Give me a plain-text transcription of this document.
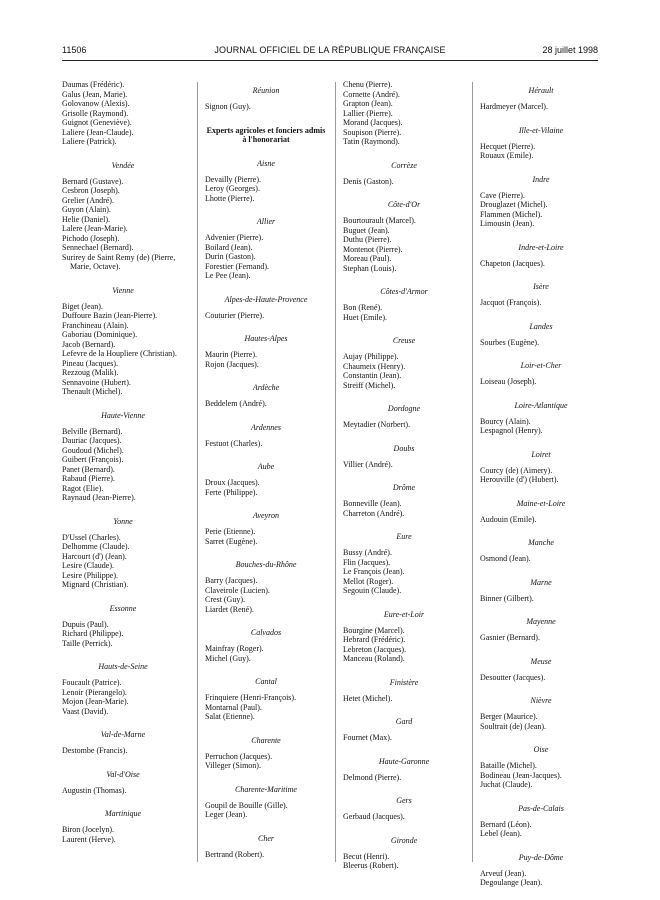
11506	JOURNAL OFFICIEL DE LA RÉPUBLIQUE FRANÇAISE	28 juillet 1998
Daumas (Frédéric).
Galus (Jean, Marie).
Golovanow (Alexis).
Grisolle (Raymond).
Guignot (Geneviève).
Laliere (Jean-Claude).
Laliere (Patrick).
Vendée
Bernard (Gustave).
Cesbron (Joseph).
Grelier (André).
Guyon (Alain).
Helie (Daniel).
Lalere (Jean-Marie).
Pichodo (Joseph).
Sennechael (Bernard).
Surirey de Saint Remy (de) (Pierre, Marie, Octave).
Vienne
Biget (Jean).
Duffoure Bazin (Jean-Pierre).
Franchineau (Alain).
Gaboriau (Dominique).
Jacob (Bernard).
Lefevre de la Houpliere (Christian).
Pineau (Jacques).
Rezzoug (Malik).
Sennavoine (Hubert).
Thenault (Michel).
Haute-Vienne
Belville (Bernard).
Dauriac (Jacques).
Goudoud (Michel).
Guibert (François).
Panet (Bernard).
Rabaud (Pierre).
Ragot (Elie).
Raynaud (Jean-Pierre).
Yonne
D'Ussel (Charles).
Delhomme (Claude).
Harcourt (d') (Jean).
Lesire (Claude).
Lesire (Philippe).
Mignard (Christian).
Essonne
Dupuis (Paul).
Richard (Philippe).
Taille (Perrick).
Hauts-de-Seine
Foucault (Patrice).
Lenoir (Pierangelo).
Mojon (Jean-Marie).
Vaast (David).
Val-de-Marne
Destombe (Francis).
Val-d'Oise
Augustin (Thomas).
Martinique
Biron (Jocelyn).
Laurent (Herve).
Réunion
Signon (Guy).
Experts agricoles et fonciers admis à l'honorariat
Aisne
Devailly (Pierre).
Leroy (Georges).
Lhotte (Pierre).
Allier
Advenier (Pierre).
Boilard (Jean).
Durin (Gaston).
Forestier (Fernand).
Le Pee (Jean).
Alpes-de-Haute-Provence
Couturier (Pierre).
Hautes-Alpes
Maurin (Pierre).
Rojon (Jacques).
Ardèche
Beddelem (André).
Ardennes
Festuot (Charles).
Aube
Droux (Jacques).
Ferte (Philippe).
Aveyron
Perie (Etienne).
Sarret (Eugène).
Bouches-du-Rhône
Barry (Jacques).
Claveirole (Lucien).
Crest (Guy).
Liardet (René).
Calvados
Mainfray (Roger).
Michel (Guy).
Cantal
Frinquiere (Henri-François).
Montarnal (Paul).
Salat (Etienne).
Charente
Perruchon (Jacques).
Villeger (Simon).
Charente-Maritime
Goupil de Bouille (Gille).
Leger (Jean).
Cher
Bertrand (Robert).
Chenu (Pierre).
Cornette (André).
Grapton (Jean).
Lallier (Pierre).
Morand (Jacques).
Soupison (Pierre).
Tatin (Raymond).
Corrèze
Denis (Gaston).
Côte-d'Or
Bourtourault (Marcel).
Buguet (Jean).
Duthu (Pierre).
Montenot (Pierre).
Moreau (Paul).
Stephan (Louis).
Côtes-d'Armor
Bon (René).
Huet (Emile).
Creuse
Aujay (Philippe).
Chaumeix (Henry).
Constantin (Jean).
Streiff (Michel).
Dordogne
Meytadier (Norbert).
Doubs
Villier (André).
Drôme
Bonneville (Jean).
Charreton (André).
Eure
Bussy (André).
Flin (Jacques).
Le François (Jean).
Mellot (Roger).
Segouin (Claude).
Eure-et-Loir
Bourgine (Marcel).
Hebrard (Frédéric).
Lebreton (Jacques).
Manceau (Roland).
Finistère
Hetet (Michel).
Gard
Fournet (Max).
Haute-Garonne
Delmond (Pierre).
Gers
Gerbaud (Jacques).
Gironde
Becut (Henri).
Bleerus (Robert).
Hérault
Hardmeyer (Marcel).
Ille-et-Vilaine
Hecquet (Pierre).
Rouaux (Emile).
Indre
Cave (Pierre).
Drouglazet (Michel).
Flammen (Michel).
Limousin (Jean).
Indre-et-Loire
Chapeton (Jacques).
Isère
Jacquot (François).
Landes
Sourbes (Eugène).
Loir-et-Cher
Loiseau (Joseph).
Loire-Atlantique
Bourcy (Alain).
Lespagnol (Henry).
Loiret
Courcy (de) (Aimery).
Herouville (d') (Hubert).
Maine-et-Loire
Audouin (Emile).
Manche
Osmond (Jean).
Marne
Binner (Gilbert).
Mayenne
Gasnier (Bernard).
Meuse
Desoutter (Jacques).
Nièvre
Berger (Maurice).
Soultrait (de) (Jean).
Oise
Bataille (Michel).
Bodineau (Jean-Jacques).
Juchat (Claude).
Pas-de-Calais
Bernard (Léon).
Lebel (Jean).
Puy-de-Dôme
Arveuf (Jean).
Degoulange (Jean).
